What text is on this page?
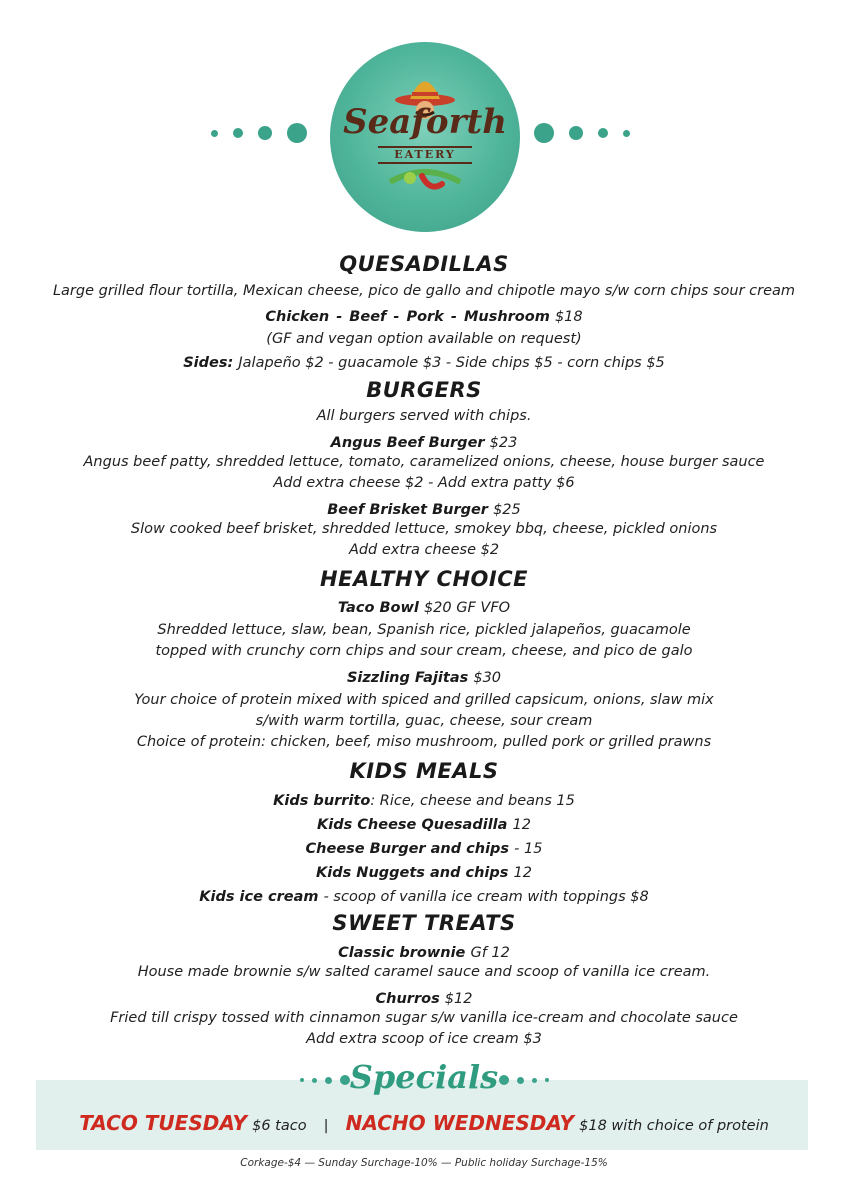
Seaforth
EATERY
QUESADILLAS
Large grilled flour tortilla, Mexican cheese, pico de gallo and chipotle mayo s/w corn chips sour cream
Chicken - Beef - Pork - Mushroom $18
(GF and vegan option available on request)
Sides: Jalapeño $2 - guacamole $3 - Side chips $5 - corn chips $5
BURGERS
All burgers served with chips.
Angus Beef Burger $23
Angus beef patty, shredded lettuce, tomato, caramelized onions, cheese, house burger sauce
Add extra cheese $2 - Add extra patty $6
Beef Brisket Burger $25
Slow cooked beef brisket, shredded lettuce, smokey bbq, cheese, pickled onions
Add extra cheese $2
HEALTHY CHOICE
Taco Bowl $20 GF VFO
Shredded lettuce, slaw, bean, Spanish rice, pickled jalapeños, guacamole
topped with crunchy corn chips and sour cream, cheese, and pico de galo
Sizzling Fajitas $30
Your choice of protein mixed with spiced and grilled capsicum, onions, slaw mix
s/with warm tortilla, guac, cheese, sour cream
Choice of protein: chicken, beef, miso mushroom, pulled pork or grilled prawns
KIDS MEALS
Kids burrito: Rice, cheese and beans 15
Kids Cheese Quesadilla 12
Cheese Burger and chips - 15
Kids Nuggets and chips 12
Kids ice cream - scoop of vanilla ice cream with toppings $8
SWEET TREATS
Classic brownie Gf 12
House made brownie s/w salted caramel sauce and scoop of vanilla ice cream.
Churros $12
Fried till crispy tossed with cinnamon sugar s/w vanilla ice-cream and chocolate sauce
Add extra scoop of ice cream $3
Specials
TACO TUESDAY $6 taco | NACHO WEDNESDAY $18 with choice of protein
Corkage-$4 — Sunday Surchage-10% — Public holiday Surchage-15%
